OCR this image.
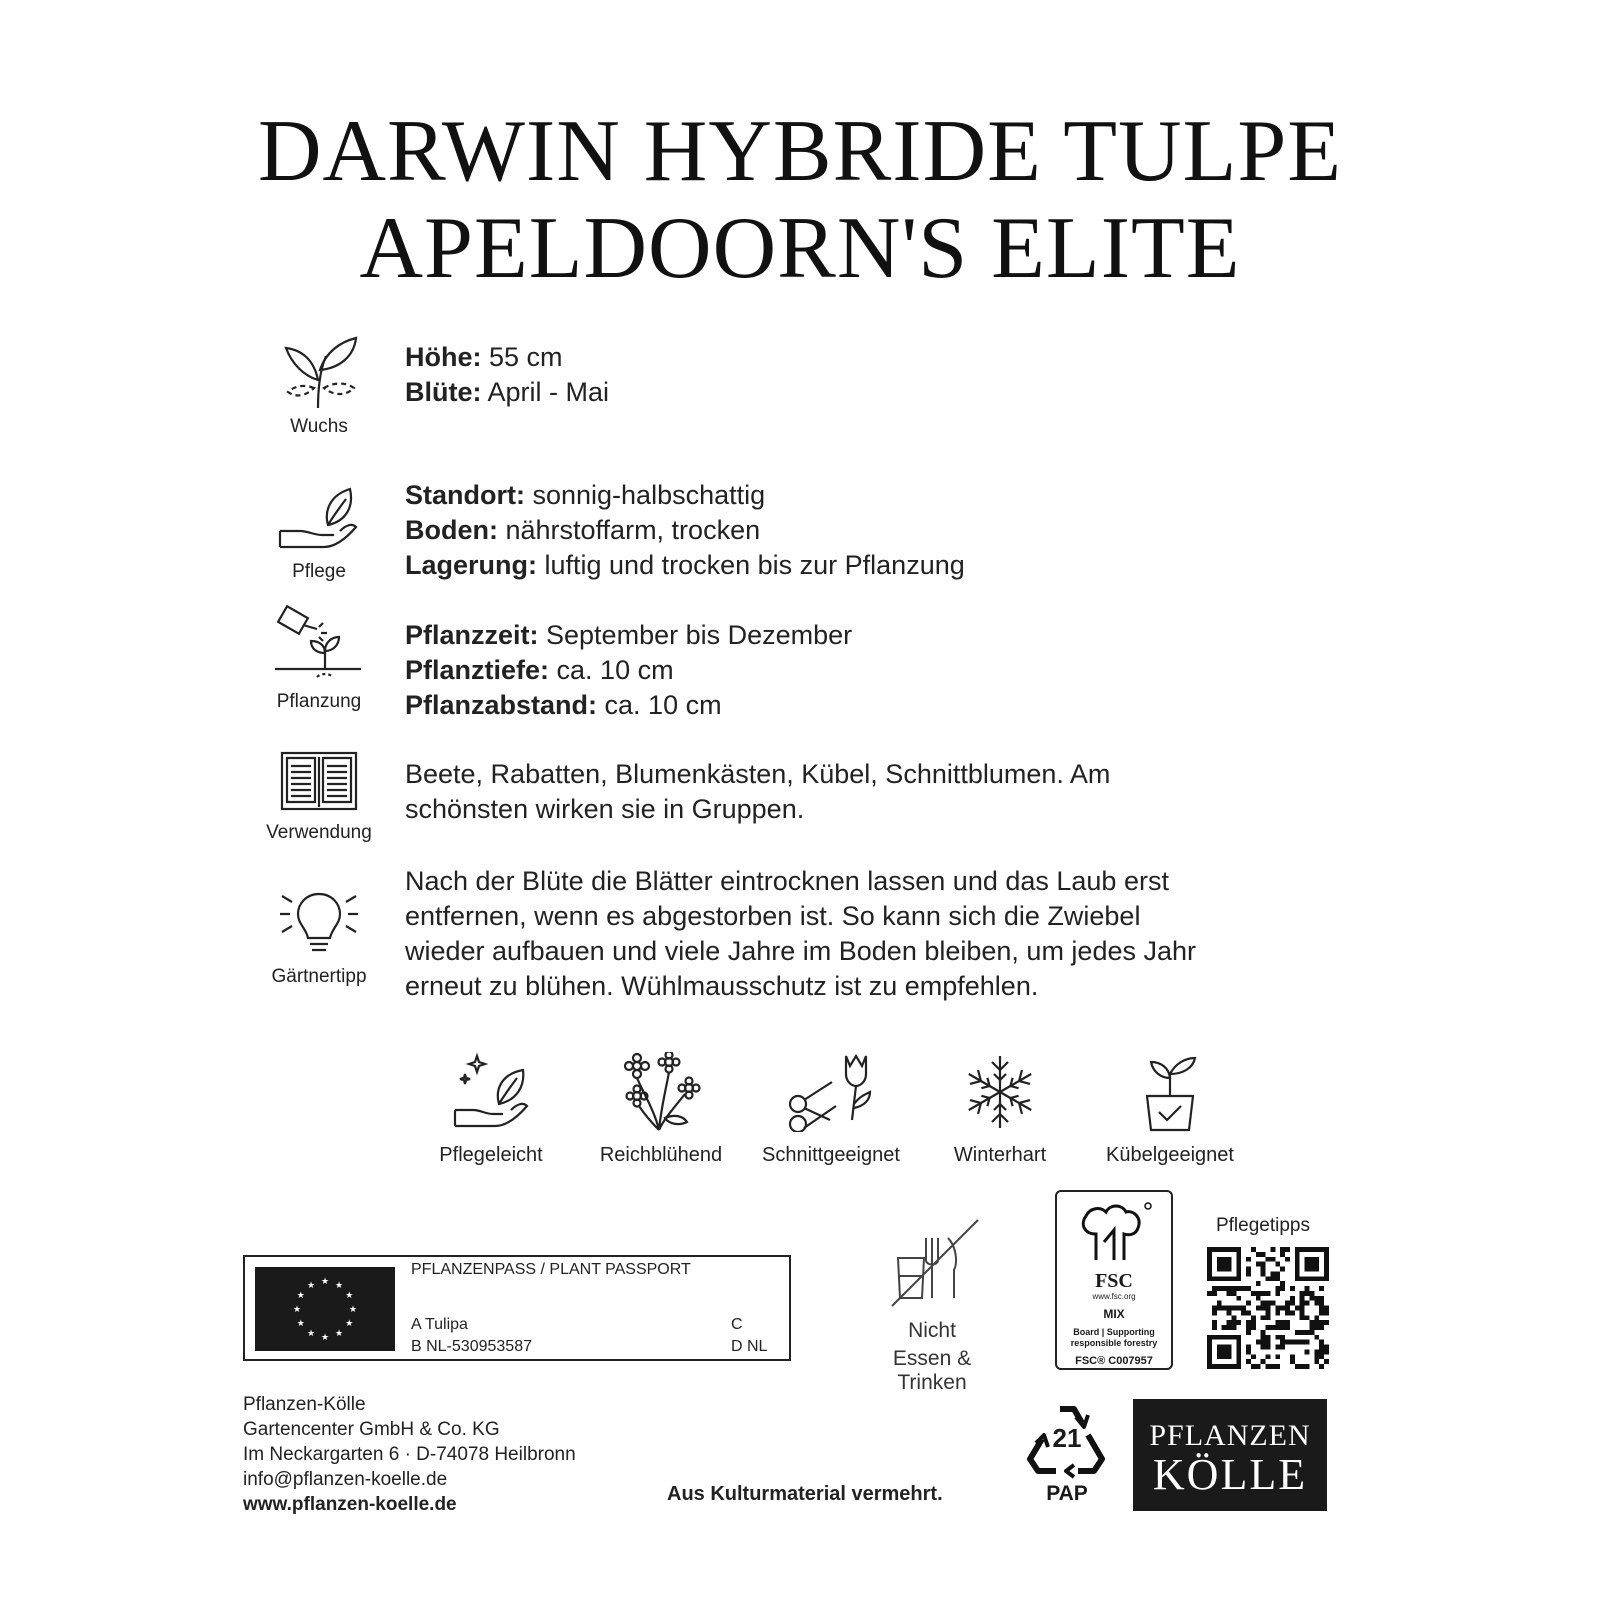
DARWIN HYBRIDE TULPE
APELDOORN'S ELITE
Wuchs
Höhe: 55 cm
Blüte: April - Mai
Pflege
Standort: sonnig-halbschattig
Boden: nährstoffarm, trocken
Lagerung: luftig und trocken bis zur Pflanzung
Pflanzung
Pflanzzeit: September bis Dezember
Pflanztiefe: ca. 10 cm
Pflanzabstand: ca. 10 cm
Verwendung
Beete, Rabatten, Blumenkästen, Kübel, Schnittblumen. Am
schönsten wirken sie in Gruppen.
Gärtnertipp
Nach der Blüte die Blätter eintrocknen lassen und das Laub erst
entfernen, wenn es abgestorben ist. So kann sich die Zwiebel
wieder aufbauen und viele Jahre im Boden bleiben, um jedes Jahr
erneut zu blühen. Wühlmausschutz ist zu empfehlen.
Pflegeleicht	Reichblühend	Schnittgeeignet	Winterhart	Kübelgeeignet
★
★
★
★
★
★
★
★
★ ★ ★
★
PFLANZENPASS / PLANT PASSPORT
A Tulipa
B NL-530953587
C
D NL
Nicht
Essen & Trinken
FSC
www.fsc.org
MIX
Board | Supporting
responsible forestry
FSC® C007957
Pflegetipps
Pflanzen-Kölle
Gartencenter GmbH & Co. KG
Im Neckargarten 6 · D-74078 Heilbronn
info@pflanzen-koelle.de
www.pflanzen-koelle.de	Aus Kulturmaterial vermehrt.
21
PAP
PFLANZEN
KÖLLE
